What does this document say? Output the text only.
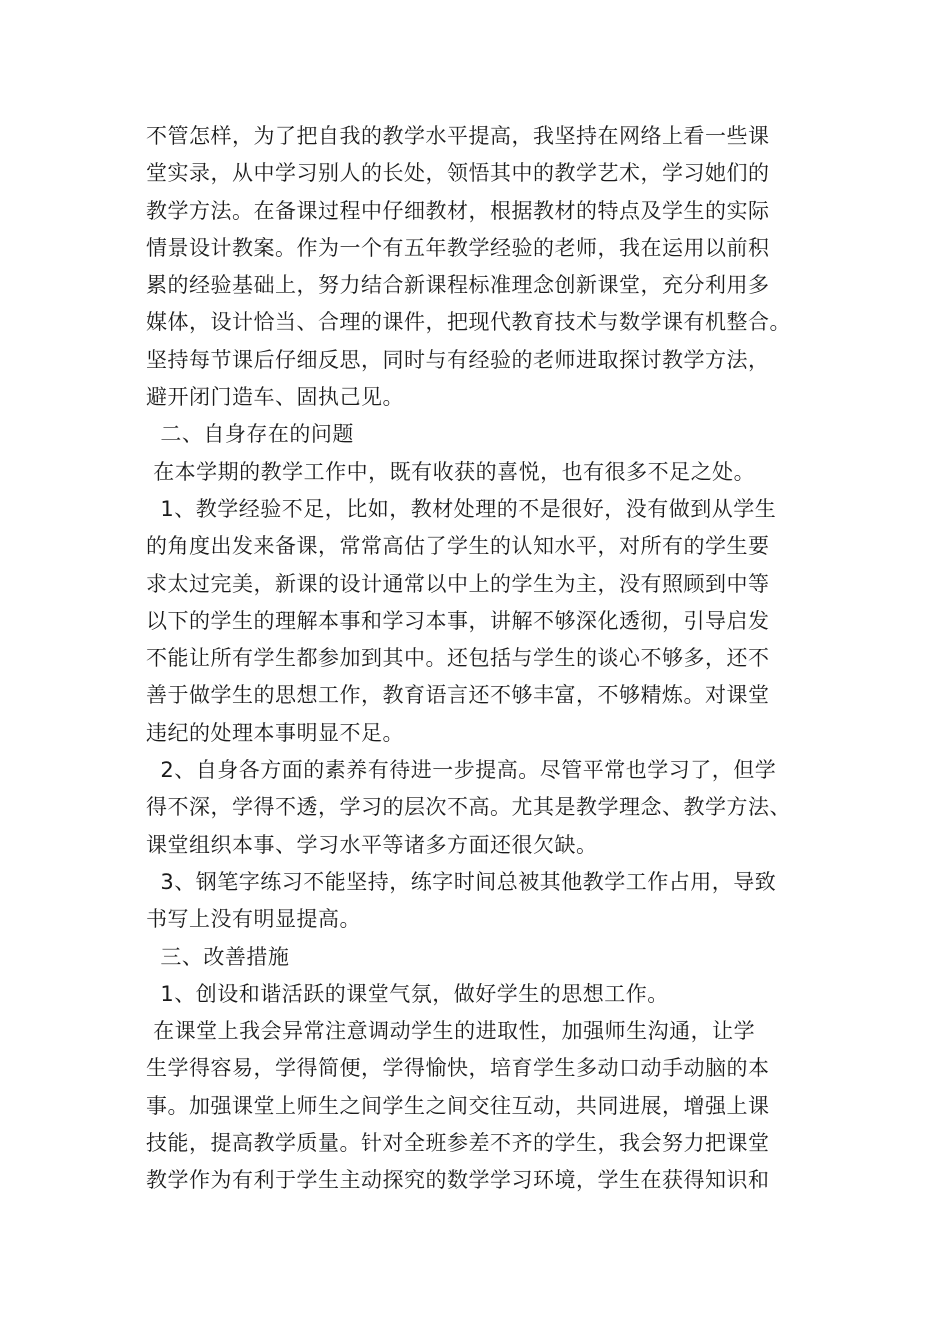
不管怎样，为了把自我的教学水平提高，我坚持在网络上看一些课
堂实录，从中学习别人的长处，领悟其中的教学艺术，学习她们的
教学方法。在备课过程中仔细教材，根据教材的特点及学生的实际
情景设计教案。作为一个有五年教学经验的老师，我在运用以前积
累的经验基础上，努力结合新课程标准理念创新课堂，充分利用多
媒体，设计恰当、合理的课件，把现代教育技术与数学课有机整合。
坚持每节课后仔细反思，同时与有经验的老师进取探讨教学方法，
避开闭门造车、固执己见。
二、自身存在的问题
在本学期的教学工作中，既有收获的喜悦，也有很多不足之处。
1、教学经验不足，比如，教材处理的不是很好，没有做到从学生
的角度出发来备课，常常高估了学生的认知水平，对所有的学生要
求太过完美，新课的设计通常以中上的学生为主，没有照顾到中等
以下的学生的理解本事和学习本事，讲解不够深化透彻，引导启发
不能让所有学生都参加到其中。还包括与学生的谈心不够多，还不
善于做学生的思想工作，教育语言还不够丰富，不够精炼。对课堂
违纪的处理本事明显不足。
2、自身各方面的素养有待进一步提高。尽管平常也学习了，但学
得不深，学得不透，学习的层次不高。尤其是教学理念、教学方法、
课堂组织本事、学习水平等诸多方面还很欠缺。
3、钢笔字练习不能坚持，练字时间总被其他教学工作占用，导致
书写上没有明显提高。
三、改善措施
1、创设和谐活跃的课堂气氛，做好学生的思想工作。
在课堂上我会异常注意调动学生的进取性，加强师生沟通，让学
生学得容易，学得简便，学得愉快，培育学生多动口动手动脑的本
事。加强课堂上师生之间学生之间交往互动，共同进展，增强上课
技能，提高教学质量。针对全班参差不齐的学生，我会努力把课堂
教学作为有利于学生主动探究的数学学习环境，学生在获得知识和
